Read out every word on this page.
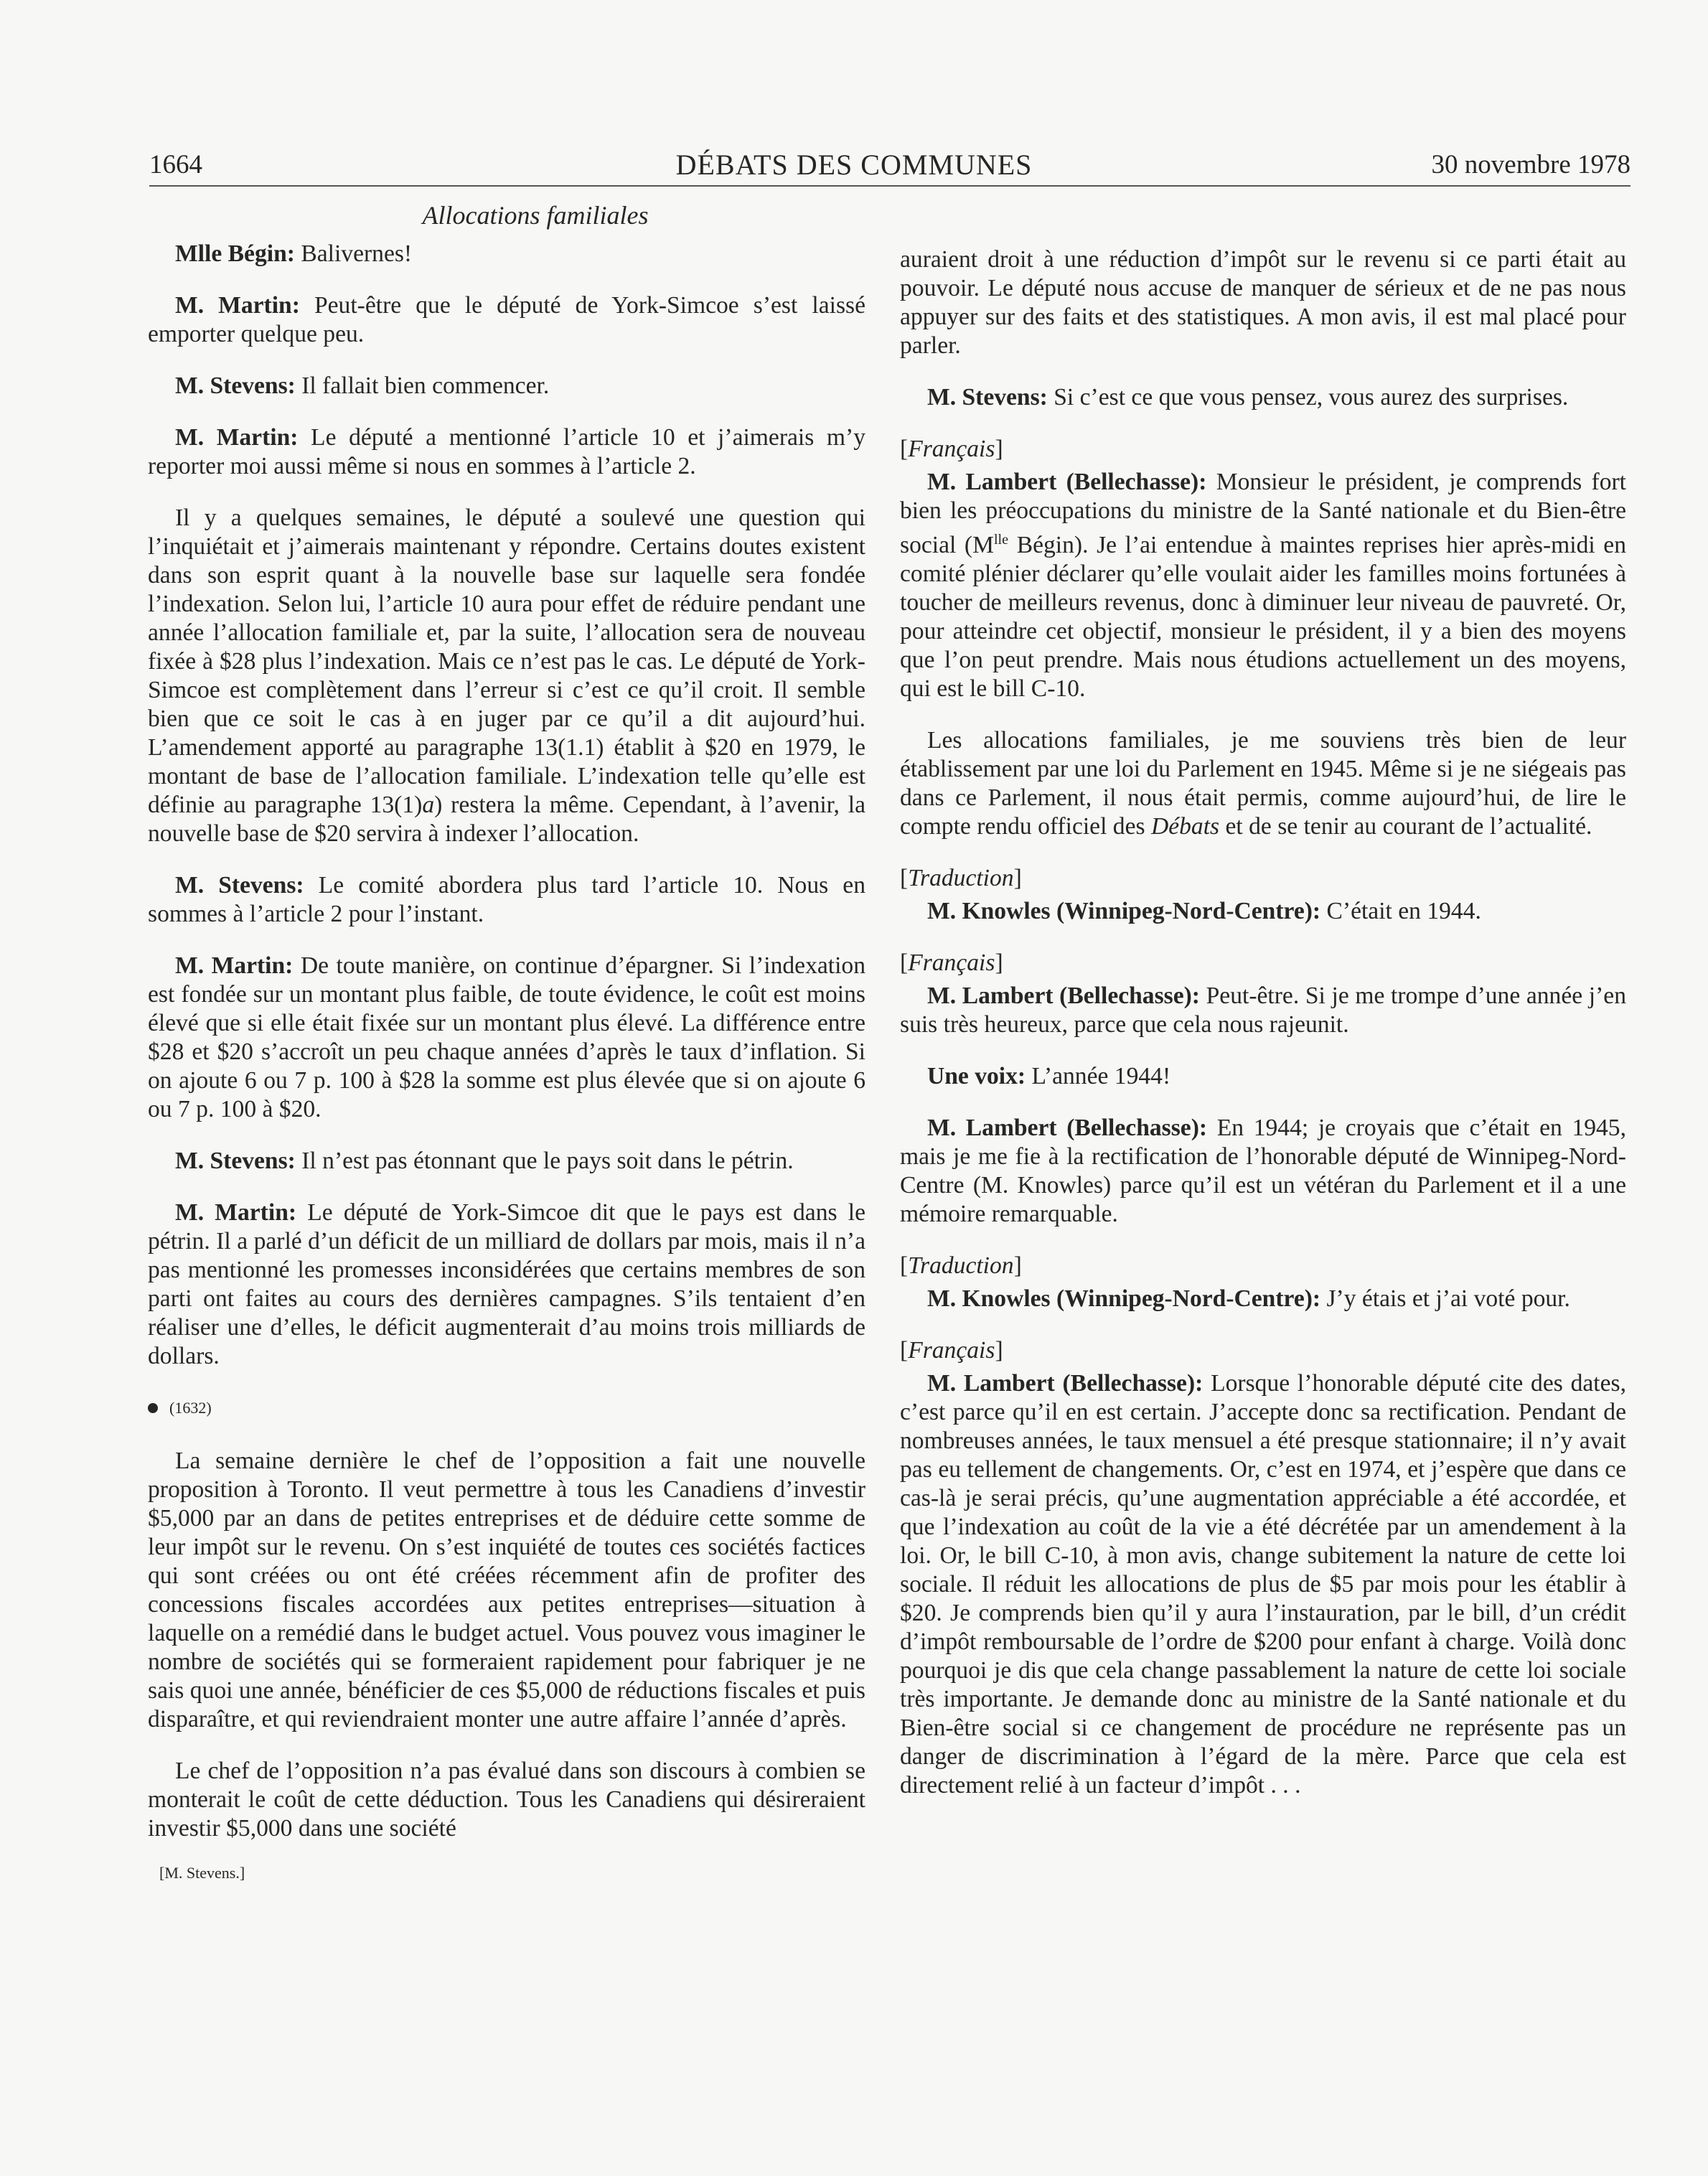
DÉBATS DES COMMUNES
1664	30 novembre 1978
Allocations familiales

Mlle Bégin: Balivernes!

M. Martin: Peut-être que le député de York-Simcoe s’est laissé emporter quelque peu.

M. Stevens: Il fallait bien commencer.

M. Martin: Le député a mentionné l’article 10 et j’aimerais m’y reporter moi aussi même si nous en sommes à l’article 2.

Il y a quelques semaines, le député a soulevé une question qui l’inquiétait et j’aimerais maintenant y répondre. Certains doutes existent dans son esprit quant à la nouvelle base sur laquelle sera fondée l’indexation. Selon lui, l’article 10 aura pour effet de réduire pendant une année l’allocation familiale et, par la suite, l’allocation sera de nouveau fixée à $28 plus l’indexation. Mais ce n’est pas le cas. Le député de York-Simcoe est complètement dans l’erreur si c’est ce qu’il croit. Il semble bien que ce soit le cas à en juger par ce qu’il a dit aujourd’hui. L’amendement apporté au paragraphe 13(1.1) établit à $20 en 1979, le montant de base de l’allocation familiale. L’indexation telle qu’elle est définie au paragraphe 13(1)a) restera la même. Cependant, à l’avenir, la nouvelle base de $20 servira à indexer l’allocation.

M. Stevens: Le comité abordera plus tard l’article 10. Nous en sommes à l’article 2 pour l’instant.

M. Martin: De toute manière, on continue d’épargner. Si l’indexation est fondée sur un montant plus faible, de toute évidence, le coût est moins élevé que si elle était fixée sur un montant plus élevé. La différence entre $28 et $20 s’accroît un peu chaque années d’après le taux d’inflation. Si on ajoute 6 ou 7 p. 100 à $28 la somme est plus élevée que si on ajoute 6 ou 7 p. 100 à $20.

M. Stevens: Il n’est pas étonnant que le pays soit dans le pétrin.

M. Martin: Le député de York-Simcoe dit que le pays est dans le pétrin. Il a parlé d’un déficit de un milliard de dollars par mois, mais il n’a pas mentionné les promesses inconsidérées que certains membres de son parti ont faites au cours des dernières campagnes. S’ils tentaient d’en réaliser une d’elles, le déficit augmenterait d’au moins trois milliards de dollars.

(1632)

La semaine dernière le chef de l’opposition a fait une nouvelle proposition à Toronto. Il veut permettre à tous les Canadiens d’investir $5,000 par an dans de petites entreprises et de déduire cette somme de leur impôt sur le revenu. On s’est inquiété de toutes ces sociétés factices qui sont créées ou ont été créées récemment afin de profiter des concessions fiscales accordées aux petites entreprises—situation à laquelle on a remédié dans le budget actuel. Vous pouvez vous imaginer le nombre de sociétés qui se formeraient rapidement pour fabriquer je ne sais quoi une année, bénéficier de ces $5,000 de réductions fiscales et puis disparaître, et qui reviendraient monter une autre affaire l’année d’après.

Le chef de l’opposition n’a pas évalué dans son discours à combien se monterait le coût de cette déduction. Tous les Canadiens qui désireraient investir $5,000 dans une société

[M. Stevens.]

auraient droit à une réduction d’impôt sur le revenu si ce parti était au pouvoir. Le député nous accuse de manquer de sérieux et de ne pas nous appuyer sur des faits et des statistiques. A mon avis, il est mal placé pour parler.

M. Stevens: Si c’est ce que vous pensez, vous aurez des surprises.

[Français]

M. Lambert (Bellechasse): Monsieur le président, je comprends fort bien les préoccupations du ministre de la Santé nationale et du Bien-être social ($M^{lle}$ Bégin). Je l’ai entendue à maintes reprises hier après-midi en comité plénier déclarer qu’elle voulait aider les familles moins fortunées à toucher de meilleurs revenus, donc à diminuer leur niveau de pauvreté. Or, pour atteindre cet objectif, monsieur le président, il y a bien des moyens que l’on peut prendre. Mais nous étudions actuellement un des moyens, qui est le bill C-10.

Les allocations familiales, je me souviens très bien de leur établissement par une loi du Parlement en 1945. Même si je ne siégeais pas dans ce Parlement, il nous était permis, comme aujourd’hui, de lire le compte rendu officiel des Débats et de se tenir au courant de l’actualité.

[Traduction]

M. Knowles (Winnipeg-Nord-Centre): C’était en 1944.

[Français]

M. Lambert (Bellechasse): Peut-être. Si je me trompe d’une année j’en suis très heureux, parce que cela nous rajeunit.

Une voix: L’année 1944!

M. Lambert (Bellechasse): En 1944; je croyais que c’était en 1945, mais je me fie à la rectification de l’honorable député de Winnipeg-Nord-Centre (M. Knowles) parce qu’il est un vétéran du Parlement et il a une mémoire remarquable.

[Traduction]

M. Knowles (Winnipeg-Nord-Centre): J’y étais et j’ai voté pour.

[Français]

M. Lambert (Bellechasse): Lorsque l’honorable député cite des dates, c’est parce qu’il en est certain. J’accepte donc sa rectification. Pendant de nombreuses années, le taux mensuel a été presque stationnaire; il n’y avait pas eu tellement de changements. Or, c’est en 1974, et j’espère que dans ce cas-là je serai précis, qu’une augmentation appréciable a été accordée, et que l’indexation au coût de la vie a été décrétée par un amendement à la loi. Or, le bill C-10, à mon avis, change subitement la nature de cette loi sociale. Il réduit les allocations de plus de $5 par mois pour les établir à $20. Je comprends bien qu’il y aura l’instauration, par le bill, d’un crédit d’impôt remboursable de l’ordre de $200 pour enfant à charge. Voilà donc pourquoi je dis que cela change passablement la nature de cette loi sociale très importante. Je demande donc au ministre de la Santé nationale et du Bien-être social si ce changement de procédure ne représente pas un danger de discrimination à l’égard de la mère. Parce que cela est directement relié à un facteur d’impôt . . .
